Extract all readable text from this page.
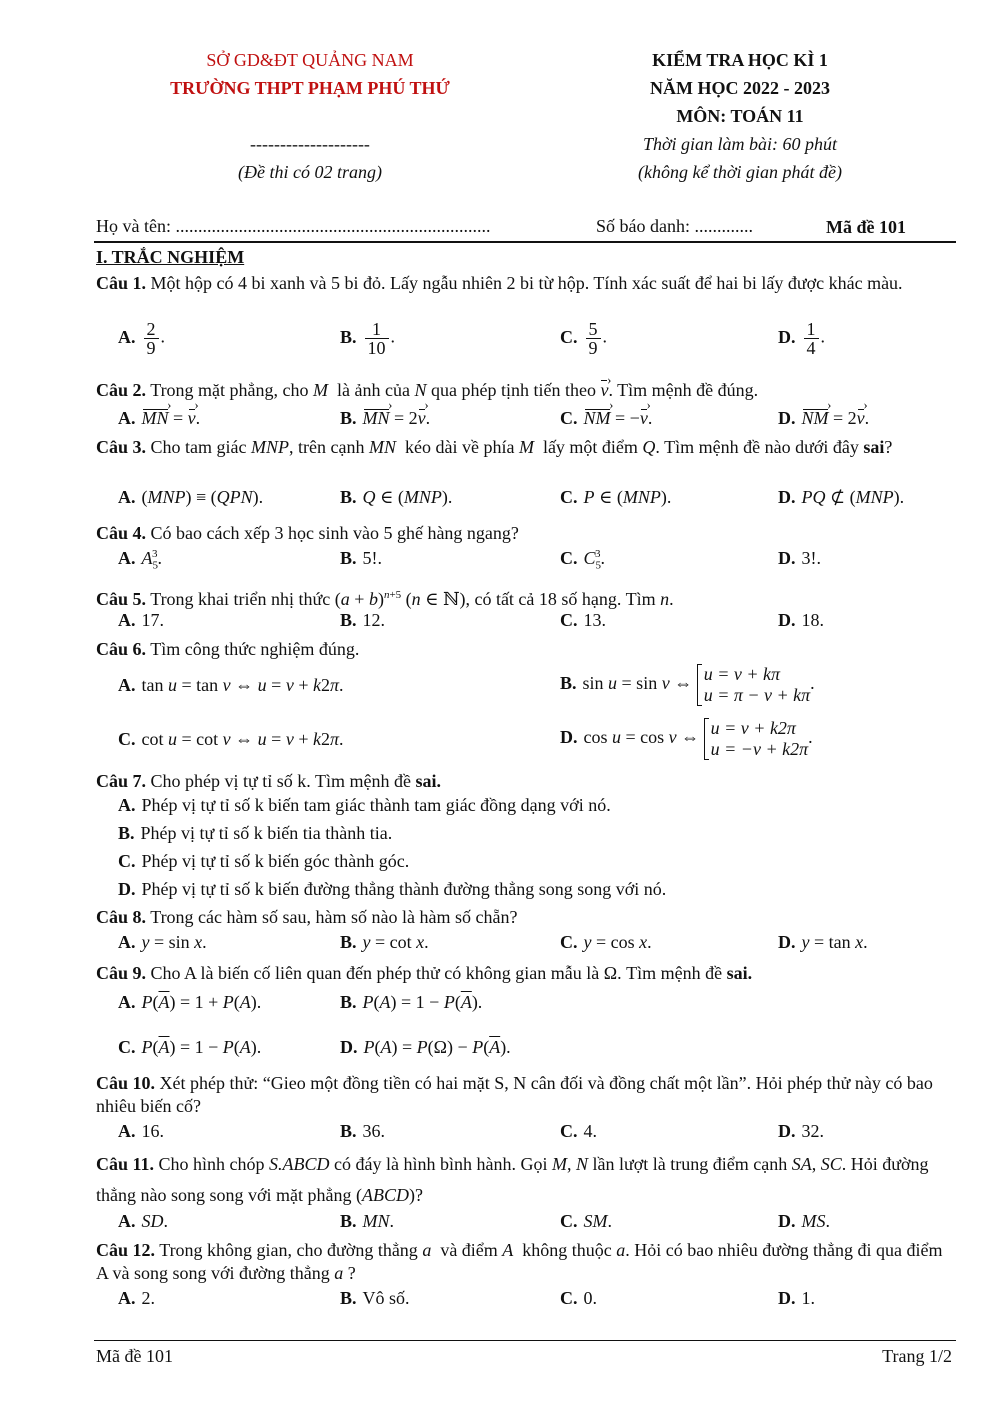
SỞ GD&ĐT QUẢNG NAM
TRƯỜNG THPT PHẠM PHÚ THỨ
--------------------
(Đề thi có 02 trang)
KIỂM TRA HỌC KÌ 1
NĂM HỌC 2022 - 2023
MÔN: TOÁN 11
Thời gian làm bài: 60 phút
(không kể thời gian phát đề)
Họ và tên: ......................................................................	Số báo danh: .............	Mã đề 101
I. TRẮC NGHIỆM
Câu 1. Một hộp có 4 bi xanh và 5 bi đỏ. Lấy ngẫu nhiên 2 bi từ hộp. Tính xác suất để hai bi lấy được khác màu.
A. $\frac{2}{9}$ .	B. $\frac{1}{10}$ .	C. $\frac{5}{9}$ .	D. $\frac{1}{4}$ .
Câu 2. Trong mặt phẳng, cho M là ảnh của N qua phép tịnh tiến theo v ›. Tìm mệnh đề đúng.
A. MN › = v ›.	B. MN › = 2v ›.	C. NM › = −v ›.	D. NM › = 2v ›.
Câu 3. Cho tam giác MNP, trên cạnh MN kéo dài về phía M lấy một điểm Q. Tìm mệnh đề nào dưới đây sai?
A. (MNP) ≡ (QPN).	B. Q ∈ (MNP).	C. P ∈ (MNP).	D. PQ ⊄ (MNP).
Câu 4. Có bao cách xếp 3 học sinh vào 5 ghế hàng ngang?
A. $A_5^3$.	B. 5!.	C. $C_5^3$.	D. 3!.
Câu 5. Trong khai triển nhị thức $(a + b)^{n+5}$ (n ∈ ℕ), có tất cả 18 số hạng. Tìm n.
A. 17.	B. 12.	C. 13.	D. 18.
Câu 6. Tìm công thức nghiệm đúng.
A. tan u = tan v ⇔ u = v + k2π.	B. sin u = sin v ⇔ u = v + kπ
u = π − v + kπ
.
C. cot u = cot v ⇔ u = v + k2π.	D. cos u = cos v ⇔ u = v + k2π
u = −v + k2π
.
Câu 7. Cho phép vị tự tỉ số k. Tìm mệnh đề sai.
A. Phép vị tự tỉ số k biến tam giác thành tam giác đồng dạng với nó.
B. Phép vị tự tỉ số k biến tia thành tia.
C. Phép vị tự tỉ số k biến góc thành góc.
D. Phép vị tự tỉ số k biến đường thẳng thành đường thẳng song song với nó.
Câu 8. Trong các hàm số sau, hàm số nào là hàm số chẵn?
A. y = sin x.	B. y = cot x.	C. y = cos x.	D. y = tan x.
Câu 9. Cho A là biến cố liên quan đến phép thử có không gian mẫu là Ω. Tìm mệnh đề sai.
A. $P(\overline{A}) = 1 + P(A)$.	B. $P(A) = 1 - P(\overline{A})$.
C. $P(\overline{A}) = 1 - P(A)$.	D. $P(A) = P(\Omega) - P(\overline{A})$.
Câu 10. Xét phép thử: “Gieo một đồng tiền có hai mặt S, N cân đối và đồng chất một lần”. Hỏi phép thử này có bao nhiêu biến cố?
A. 16.	B. 36.	C. 4.	D. 32.
Câu 11. Cho hình chóp S.ABCD có đáy là hình bình hành. Gọi M, N lần lượt là trung điểm cạnh SA, SC. Hỏi đường thẳng nào song song với mặt phẳng (ABCD)?
A. SD.	B. MN.	C. SM.	D. MS.
Câu 12. Trong không gian, cho đường thẳng a và điểm A không thuộc a. Hỏi có bao nhiêu đường thẳng đi qua điểm A và song song với đường thẳng a ?
A. 2.	B. Vô số.	C. 0.	D. 1.
Mã đề 101	Trang 1/2
